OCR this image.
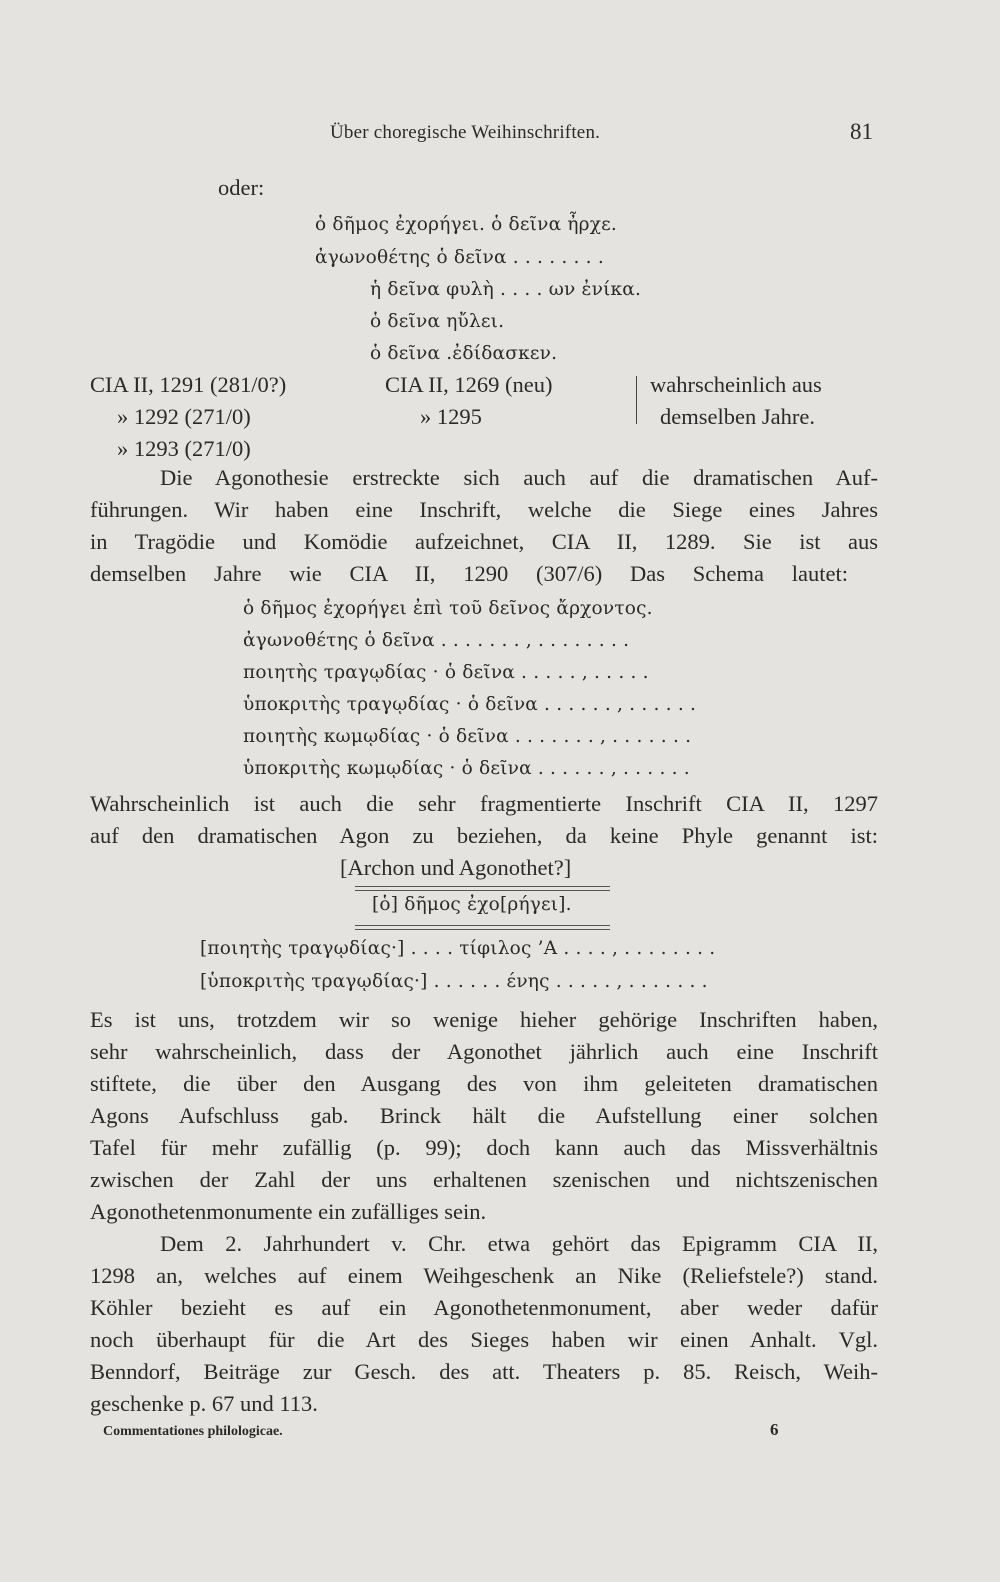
Über choregische Weihinschriften.	81
oder:
ὁ δῆμος ἐχορήγει. ὁ δεῖνα ἦρχε.
ἀγωνοθέτης ὁ δεῖνα . . . . . . . .
ἡ δεῖνα φυλὴ . . . . ων ἐνίκα.
ὁ δεῖνα ηὔλει.
ὁ δεῖνα .ἐδίδασκεν.
CIA II, 1291 (281/0?)
» 1292 (271/0)
» 1293 (271/0)
CIA II, 1269 (neu)
» 1295
wahrscheinlich aus
demselben Jahre.
Die Agonothesie erstreckte sich auch auf die dramatischen Auf-
führungen. Wir haben eine Inschrift, welche die Siege eines Jahres
in Tragödie und Komödie aufzeichnet, CIA II, 1289. Sie ist aus
demselben Jahre wie CIA II, 1290 (307/6) Das Schema lautet:
ὁ δῆμος ἐχορήγει ἐπὶ τοῦ δεῖνος ἄρχοντος.
ἀγωνοθέτης ὁ δεῖνα . . . . . . . , . . . . . . . .
ποιητὴς τραγῳδίας · ὁ δεῖνα . . . . . , . . . . .
ὑποκριτὴς τραγῳδίας · ὁ δεῖνα . . . . . . , . . . . . .
ποιητὴς κωμῳδίας · ὁ δεῖνα . . . . . . . , . . . . . . .
ὑποκριτὴς κωμῳδίας · ὁ δεῖνα . . . . . . , . . . . . .
Wahrscheinlich ist auch die sehr fragmentierte Inschrift CIA II, 1297
auf den dramatischen Agon zu beziehen, da keine Phyle genannt ist:
[Archon und Agonothet?]
[ὁ] δῆμος ἐχο[ρήγει].
[ποιητὴς τραγῳδίας·] . . . . τίφιλος ’Α . . . . , . . . . . . . .
[ὑποκριτὴς τραγῳδίας·] . . . . . . ένης . . . . . , . . . . . . .
Es ist uns, trotzdem wir so wenige hieher gehörige Inschriften haben,
sehr wahrscheinlich, dass der Agonothet jährlich auch eine Inschrift
stiftete, die über den Ausgang des von ihm geleiteten dramatischen
Agons Aufschluss gab. Brinck hält die Aufstellung einer solchen
Tafel für mehr zufällig (p. 99); doch kann auch das Missverhältnis
zwischen der Zahl der uns erhaltenen szenischen und nichtszenischen
Agonothetenmonumente ein zufälliges sein.
Dem 2. Jahrhundert v. Chr. etwa gehört das Epigramm CIA II,
1298 an, welches auf einem Weihgeschenk an Nike (Reliefstele?) stand.
Köhler bezieht es auf ein Agonothetenmonument, aber weder dafür
noch überhaupt für die Art des Sieges haben wir einen Anhalt. Vgl.
Benndorf, Beiträge zur Gesch. des att. Theaters p. 85. Reisch, Weih-
geschenke p. 67 und 113.
Commentationes philologicae.	6
